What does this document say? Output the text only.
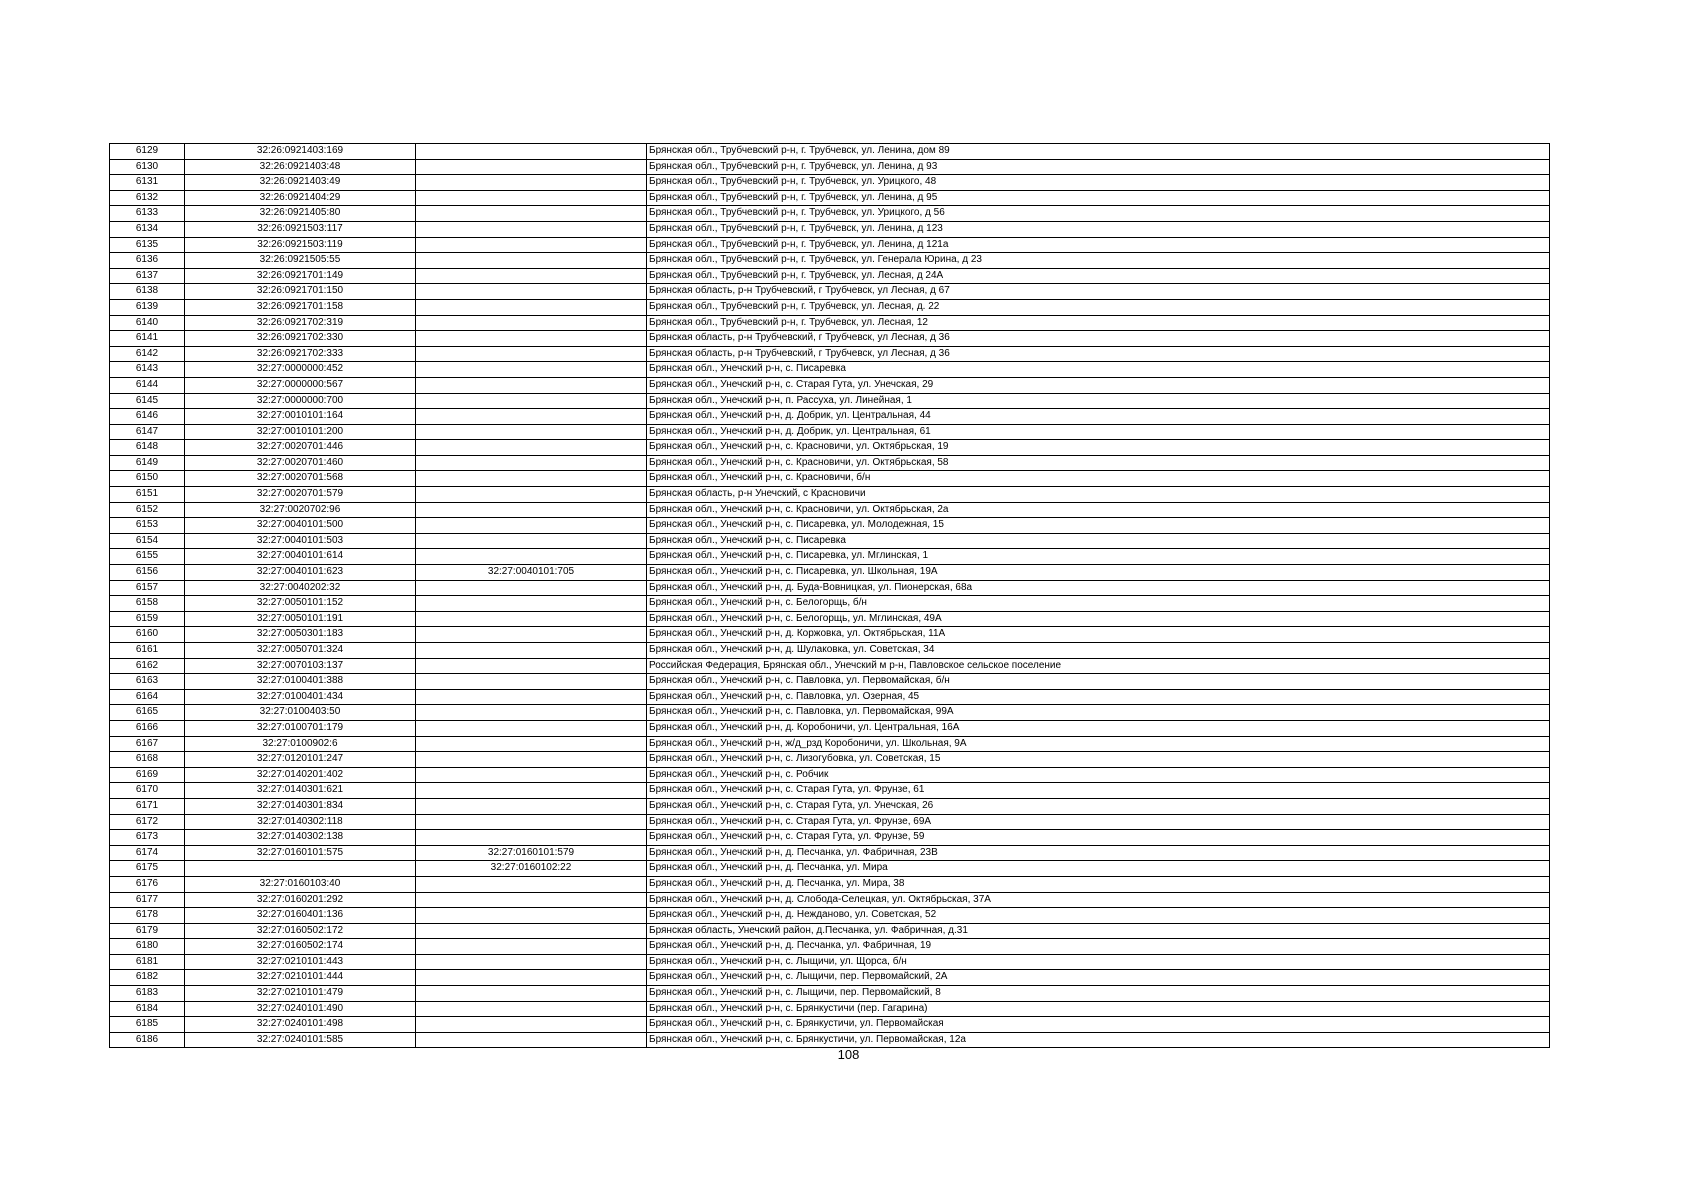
6129	32:26:0921403:169		Брянская обл., Трубчевский р-н, г. Трубчевск, ул. Ленина, дом 89
6130	32:26:0921403:48		Брянская обл., Трубчевский р-н, г. Трубчевск, ул. Ленина, д 93
6131	32:26:0921403:49		Брянская обл., Трубчевский р-н, г. Трубчевск, ул. Урицкого, 48
6132	32:26:0921404:29		Брянская обл., Трубчевский р-н, г. Трубчевск, ул. Ленина, д 95
6133	32:26:0921405:80		Брянская обл., Трубчевский р-н, г. Трубчевск, ул. Урицкого, д 56
6134	32:26:0921503:117		Брянская обл., Трубчевский р-н, г. Трубчевск, ул. Ленина, д 123
6135	32:26:0921503:119		Брянская обл., Трубчевский р-н, г. Трубчевск, ул. Ленина, д 121а
6136	32:26:0921505:55		Брянская обл., Трубчевский р-н, г. Трубчевск, ул. Генерала Юрина, д 23
6137	32:26:0921701:149		Брянская обл., Трубчевский р-н, г. Трубчевск, ул. Лесная, д 24А
6138	32:26:0921701:150		Брянская область, р-н Трубчевский, г Трубчевск, ул Лесная, д 67
6139	32:26:0921701:158		Брянская обл., Трубчевский р-н, г. Трубчевск, ул. Лесная, д. 22
6140	32:26:0921702:319		Брянская обл., Трубчевский р-н, г. Трубчевск, ул. Лесная, 12
6141	32:26:0921702:330		Брянская область, р-н Трубчевский, г Трубчевск, ул Лесная, д 36
6142	32:26:0921702:333		Брянская область, р-н Трубчевский, г Трубчевск, ул Лесная, д 36
6143	32:27:0000000:452		Брянская обл., Унечский р-н, с. Писаревка
6144	32:27:0000000:567		Брянская обл., Унечский р-н, с. Старая Гута, ул. Унечская, 29
6145	32:27:0000000:700		Брянская обл., Унечский р-н, п. Рассуха, ул. Линейная, 1
6146	32:27:0010101:164		Брянская обл., Унечский р-н, д. Добрик, ул. Центральная, 44
6147	32:27:0010101:200		Брянская обл., Унечский р-н, д. Добрик, ул. Центральная, 61
6148	32:27:0020701:446		Брянская обл., Унечский р-н, с. Красновичи, ул. Октябрьская, 19
6149	32:27:0020701:460		Брянская обл., Унечский р-н, с. Красновичи, ул. Октябрьская, 58
6150	32:27:0020701:568		Брянская обл., Унечский р-н, с. Красновичи, б/н
6151	32:27:0020701:579		Брянская область, р-н Унечский, с Красновичи
6152	32:27:0020702:96		Брянская обл., Унечский р-н, с. Красновичи, ул. Октябрьская, 2а
6153	32:27:0040101:500		Брянская обл., Унечский р-н, с. Писаревка, ул. Молодежная, 15
6154	32:27:0040101:503		Брянская обл., Унечский р-н, с. Писаревка
6155	32:27:0040101:614		Брянская обл., Унечский р-н, с. Писаревка, ул. Мглинская, 1
6156	32:27:0040101:623	32:27:0040101:705	Брянская обл., Унечский р-н, с. Писаревка, ул. Школьная, 19А
6157	32:27:0040202:32		Брянская обл., Унечский р-н, д. Буда-Вовницкая, ул. Пионерская, 68а
6158	32:27:0050101:152		Брянская обл., Унечский р-н, с. Белогорщь, б/н
6159	32:27:0050101:191		Брянская обл., Унечский р-н, с. Белогорщь, ул. Мглинская, 49А
6160	32:27:0050301:183		Брянская обл., Унечский р-н, д. Коржовка, ул. Октябрьская, 11А
6161	32:27:0050701:324		Брянская обл., Унечский р-н, д. Шулаковка, ул. Советская, 34
6162	32:27:0070103:137		Российская Федерация, Брянская обл., Унечский м р-н, Павловское сельское поселение
6163	32:27:0100401:388		Брянская обл., Унечский р-н, с. Павловка, ул. Первомайская, б/н
6164	32:27:0100401:434		Брянская обл., Унечский р-н, с. Павловка, ул. Озерная, 45
6165	32:27:0100403:50		Брянская обл., Унечский р-н, с. Павловка, ул. Первомайская, 99А
6166	32:27:0100701:179		Брянская обл., Унечский р-н, д. Коробоничи, ул. Центральная, 16А
6167	32:27:0100902:6		Брянская обл., Унечский р-н, ж/д_рзд Коробоничи, ул. Школьная, 9А
6168	32:27:0120101:247		Брянская обл., Унечский р-н, с. Лизогубовка, ул. Советская, 15
6169	32:27:0140201:402		Брянская обл., Унечский р-н, с. Робчик
6170	32:27:0140301:621		Брянская обл., Унечский р-н, с. Старая Гута, ул. Фрунзе, 61
6171	32:27:0140301:834		Брянская обл., Унечский р-н, с. Старая Гута, ул. Унечская, 26
6172	32:27:0140302:118		Брянская обл., Унечский р-н, с. Старая Гута, ул. Фрунзе, 69А
6173	32:27:0140302:138		Брянская обл., Унечский р-н, с. Старая Гута, ул. Фрунзе, 59
6174	32:27:0160101:575	32:27:0160101:579	Брянская обл., Унечский р-н, д. Песчанка, ул. Фабричная, 23В
6175		32:27:0160102:22	Брянская обл., Унечский р-н, д. Песчанка, ул. Мира
6176	32:27:0160103:40		Брянская обл., Унечский р-н, д. Песчанка, ул. Мира, 38
6177	32:27:0160201:292		Брянская обл., Унечский р-н, д. Слобода-Селецкая, ул. Октябрьская, 37А
6178	32:27:0160401:136		Брянская обл., Унечский р-н, д. Нежданово, ул. Советская, 52
6179	32:27:0160502:172		Брянская область, Унечский район, д.Песчанка, ул. Фабричная, д.31
6180	32:27:0160502:174		Брянская обл., Унечский р-н, д. Песчанка, ул. Фабричная, 19
6181	32:27:0210101:443		Брянская обл., Унечский р-н, с. Лыщичи, ул. Щорса, б/н
6182	32:27:0210101:444		Брянская обл., Унечский р-н, с. Лыщичи, пер. Первомайский, 2А
6183	32:27:0210101:479		Брянская обл., Унечский р-н, с. Лыщичи, пер. Первомайский, 8
6184	32:27:0240101:490		Брянская обл., Унечский р-н, с. Брянкустичи (пер. Гагарина)
6185	32:27:0240101:498		Брянская обл., Унечский р-н, с. Брянкустичи, ул. Первомайская
6186	32:27:0240101:585		Брянская обл., Унечский р-н, с. Брянкустичи, ул. Первомайская, 12а
108
